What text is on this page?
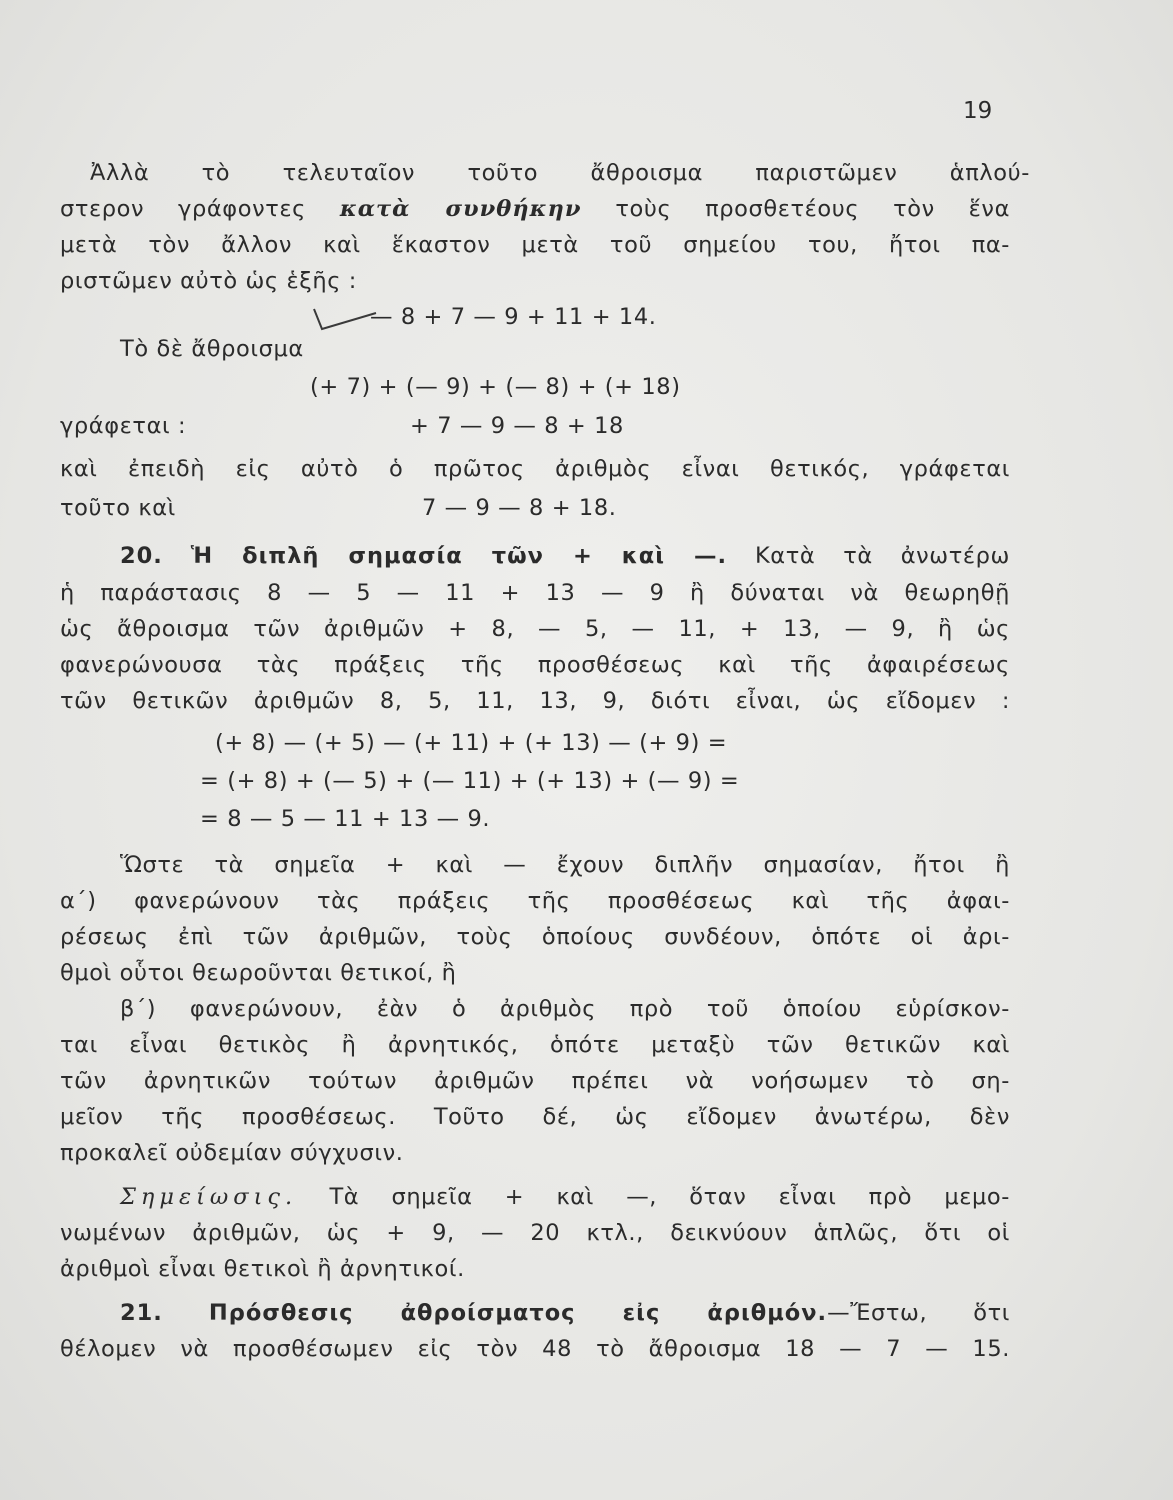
19
Ἀλλὰ τὸ τελευταῖον τοῦτο ἄθροισμα παριστῶμεν ἁπλού-
στερον γράφοντες κατὰ συνθήκην τοὺς προσθετέους τὸν ἕνα
μετὰ τὸν ἄλλον καὶ ἕκαστον μετὰ τοῦ σημείου του, ἤτοι πα-
ριστῶμεν αὐτὸ ὡς ἑξῆς :
— 8 + 7 — 9 + 11 + 14.
Τὸ δὲ ἄθροισμα
(+ 7) + (— 9) + (— 8) + (+ 18)
γράφεται :	+ 7 — 9 — 8 + 18
καὶ ἐπειδὴ εἰς αὐτὸ ὁ πρῶτος ἀριθμὸς εἶναι θετικός, γράφεται
τοῦτο καὶ	7 — 9 — 8 + 18.
20. Ἡ διπλῆ σημασία τῶν + καὶ —. Κατὰ τὰ ἀνωτέρω
ἡ παράστασις 8 — 5 — 11 + 13 — 9 ἢ δύναται νὰ θεωρηθῇ
ὡς ἄθροισμα τῶν ἀριθμῶν + 8, — 5, — 11, + 13, — 9, ἢ ὡς
φανερώνουσα τὰς πράξεις τῆς προσθέσεως καὶ τῆς ἀφαιρέσεως
τῶν θετικῶν ἀριθμῶν 8, 5, 11, 13, 9, διότι εἶναι, ὡς εἴδομεν :
(+ 8) — (+ 5) — (+ 11) + (+ 13) — (+ 9) =
= (+ 8) + (— 5) + (— 11) + (+ 13) + (— 9) =
= 8 — 5 — 11 + 13 — 9.
Ὥστε τὰ σημεῖα + καὶ — ἔχουν διπλῆν σημασίαν, ἤτοι ἢ
α΄) φανερώνουν τὰς πράξεις τῆς προσθέσεως καὶ τῆς ἀφαι-
ρέσεως ἐπὶ τῶν ἀριθμῶν, τοὺς ὁποίους συνδέουν, ὁπότε οἱ ἀρι-
θμοὶ οὗτοι θεωροῦνται θετικοί, ἢ
β΄) φανερώνουν, ἐὰν ὁ ἀριθμὸς πρὸ τοῦ ὁποίου εὑρίσκον-
ται εἶναι θετικὸς ἢ ἀρνητικός, ὁπότε μεταξὺ τῶν θετικῶν καὶ
τῶν ἀρνητικῶν τούτων ἀριθμῶν πρέπει νὰ νοήσωμεν τὸ ση-
μεῖον τῆς προσθέσεως. Τοῦτο δέ, ὡς εἴδομεν ἀνωτέρω, δὲν
προκαλεῖ οὐδεμίαν σύγχυσιν.
Σημείωσις. Τὰ σημεῖα + καὶ —, ὅταν εἶναι πρὸ μεμο-
νωμένων ἀριθμῶν, ὡς + 9, — 20 κτλ., δεικνύουν ἁπλῶς, ὅτι οἱ
ἀριθμοὶ εἶναι θετικοὶ ἢ ἀρνητικοί.
21. Πρόσθεσις ἀθροίσματος εἰς ἀριθμόν.—Ἔστω, ὅτι
θέλομεν νὰ προσθέσωμεν εἰς τὸν 48 τὸ ἄθροισμα 18 — 7 — 15.
